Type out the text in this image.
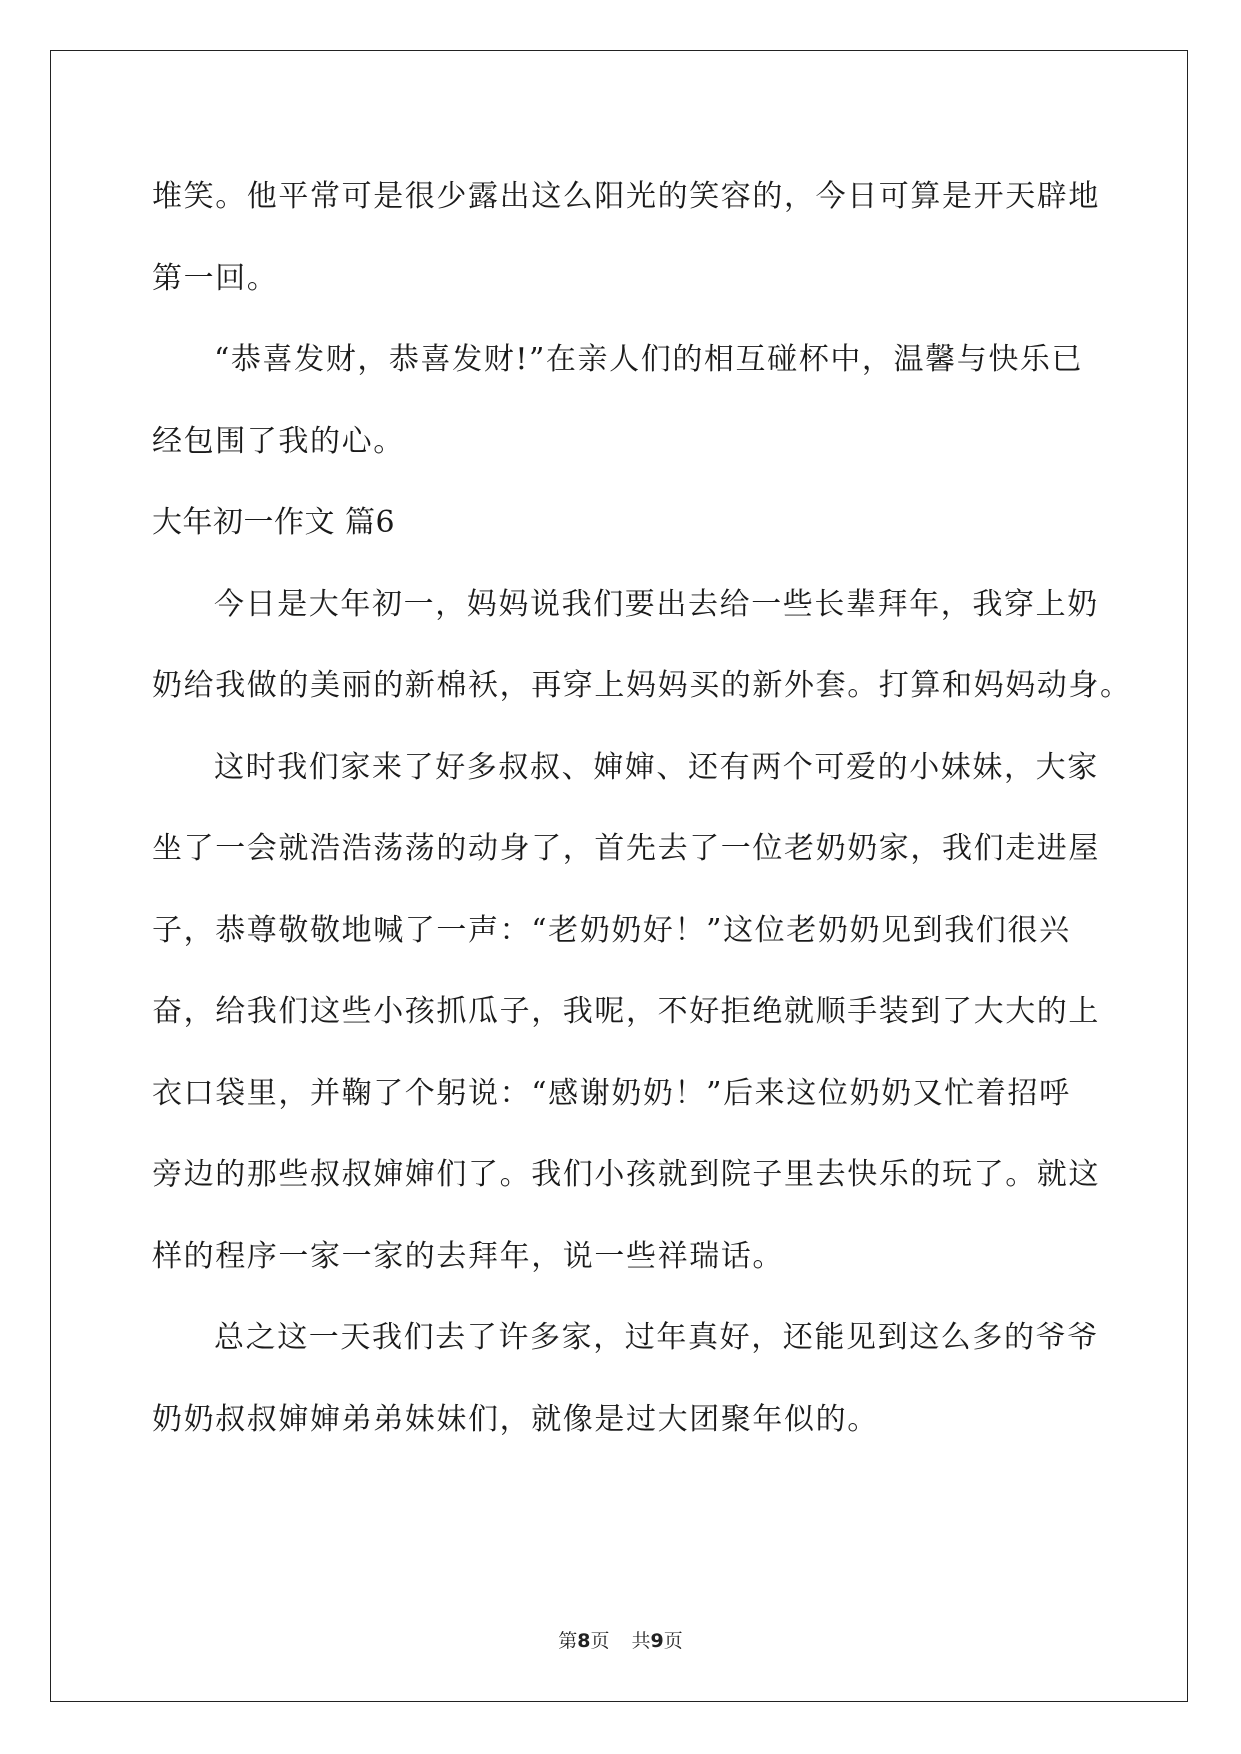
堆笑。他平常可是很少露出这么阳光的笑容的，今日可算是开天辟地
第一回。
“恭喜发财，恭喜发财!”在亲人们的相互碰杯中，温馨与快乐已
经包围了我的心。
大年初一作文 篇6
今日是大年初一，妈妈说我们要出去给一些长辈拜年，我穿上奶
奶给我做的美丽的新棉袄，再穿上妈妈买的新外套。打算和妈妈动身。
这时我们家来了好多叔叔、婶婶、还有两个可爱的小妹妹，大家
坐了一会就浩浩荡荡的动身了，首先去了一位老奶奶家，我们走进屋
子，恭尊敬敬地喊了一声：“老奶奶好！”这位老奶奶见到我们很兴
奋，给我们这些小孩抓瓜子，我呢，不好拒绝就顺手装到了大大的上
衣口袋里，并鞠了个躬说：“感谢奶奶！”后来这位奶奶又忙着招呼
旁边的那些叔叔婶婶们了。我们小孩就到院子里去快乐的玩了。就这
样的程序一家一家的去拜年，说一些祥瑞话。
总之这一天我们去了许多家，过年真好，还能见到这么多的爷爷
奶奶叔叔婶婶弟弟妹妹们，就像是过大团聚年似的。
第8页 共9页
